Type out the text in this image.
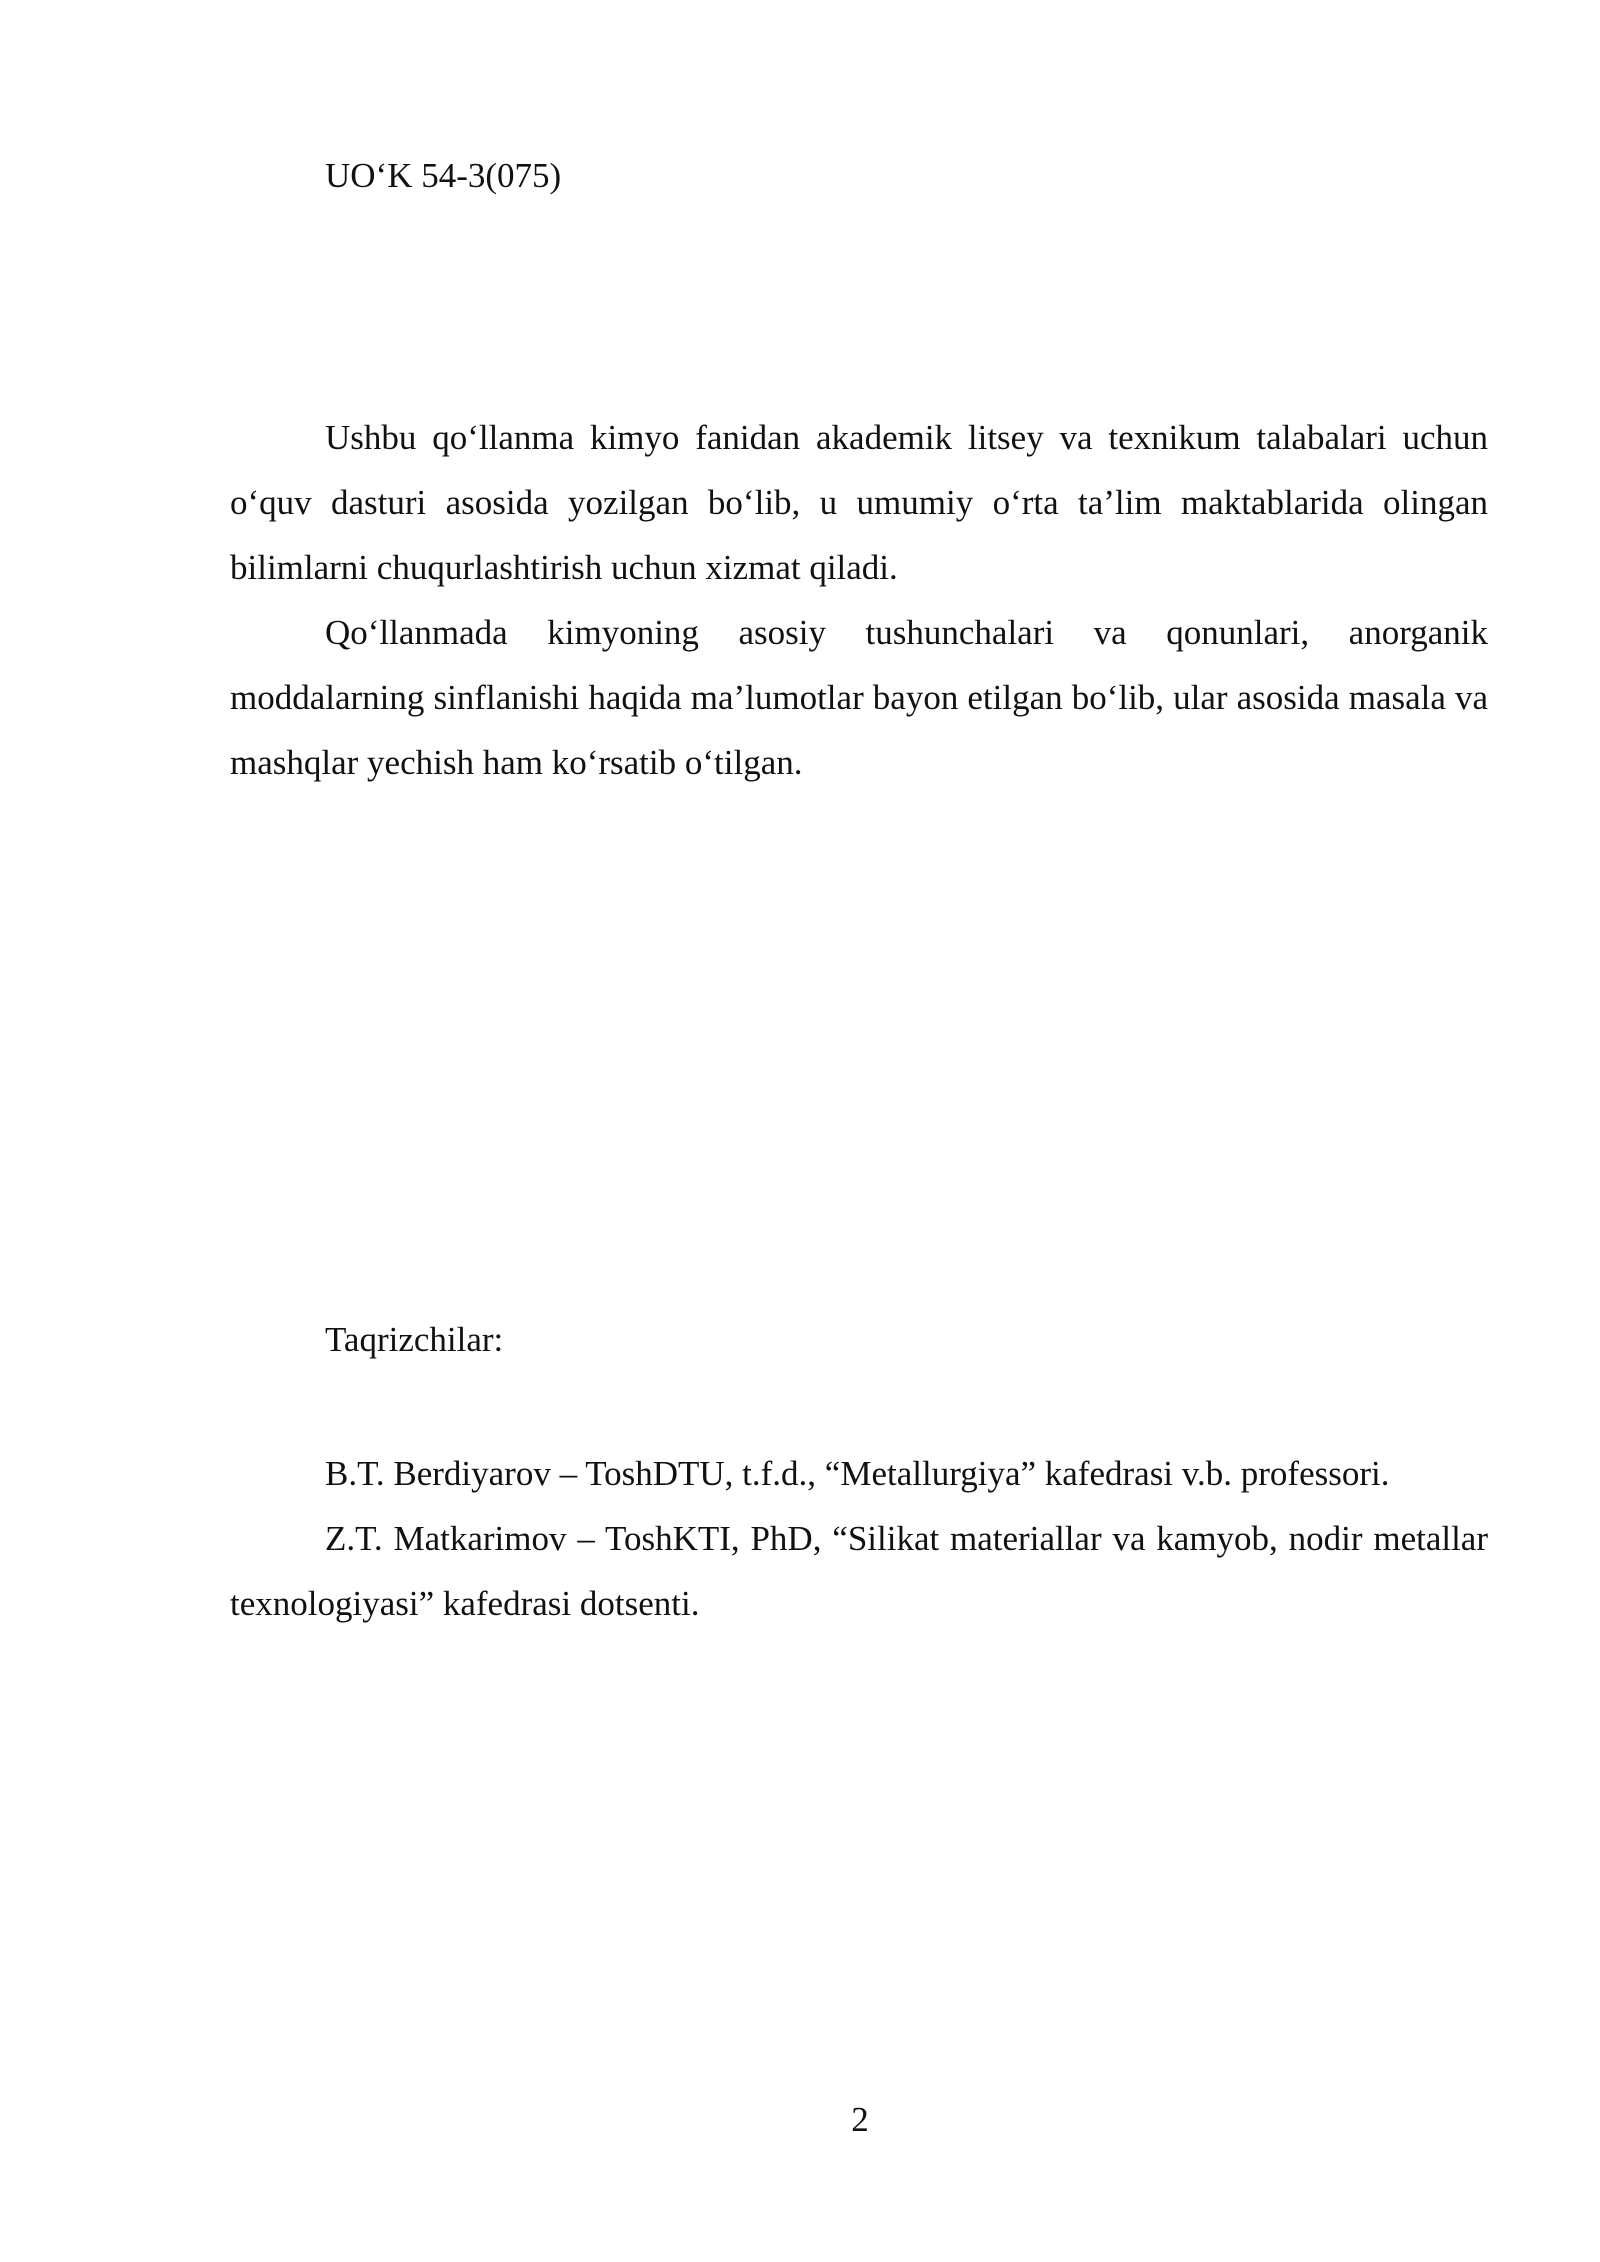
UO‘K 54-3(075)

Ushbu qo‘llanma kimyo fanidan akademik litsey va texnikum talabalari uchun o‘quv dasturi asosida yozilgan bo‘lib, u umumiy o‘rta ta’lim maktablarida olingan bilimlarni chuqurlashtirish uchun xizmat qiladi.

Qo‘llanmada kimyoning asosiy tushunchalari va qonunlari, anorganik moddalarning sinflanishi haqida ma’lumotlar bayon etilgan bo‘lib, ular asosida masala va mashqlar yechish ham ko‘rsatib o‘tilgan.

Taqrizchilar:

B.T. Berdiyarov – ToshDTU, t.f.d., “Metallurgiya” kafedrasi v.b. professori.

Z.T. Matkarimov – ToshKTI, PhD, “Silikat materiallar va kamyob, nodir metallar texnologiyasi” kafedrasi dotsenti.

2
